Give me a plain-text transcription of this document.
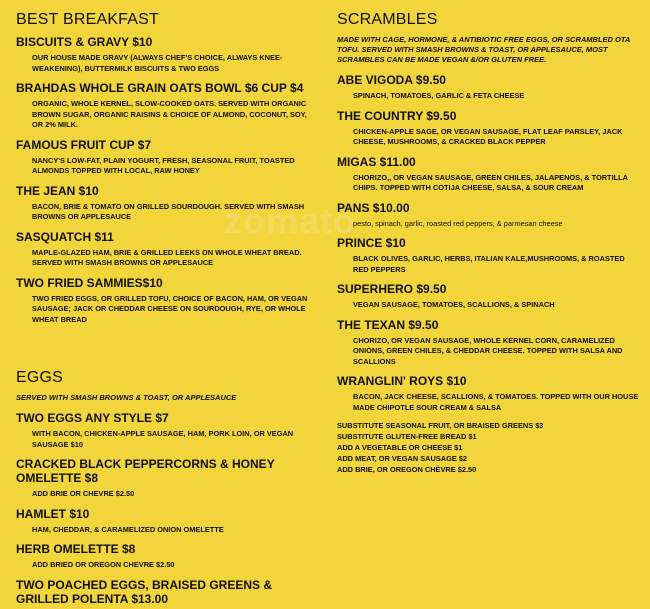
zomato
BEST BREAKFAST
BISCUITS & GRAVY $10
OUR HOUSE MADE GRAVY (ALWAYS CHEF'S CHOICE, ALWAYS KNEE-WEAKENING), BUTTERMILK BISCUITS & TWO EGGS
BRAHDAS WHOLE GRAIN OATS BOWL $6 CUP $4
ORGANIC, WHOLE KERNEL, SLOW-COOKED OATS. SERVED WITH ORGANIC BROWN SUGAR, ORGANIC RAISINS & CHOICE OF ALMOND, COCONUT, SOY, OR 2% MILK.
FAMOUS FRUIT CUP $7
NANCY'S LOW-FAT, PLAIN YOGURT, FRESH, SEASONAL FRUIT, TOASTED ALMONDS TOPPED WITH LOCAL, RAW HONEY
THE JEAN $10
BACON, BRIE & TOMATO ON GRILLED SOURDOUGH. SERVED WITH SMASH BROWNS OR APPLESAUCE
SASQUATCH $11
MAPLE-GLAZED HAM, BRIE & GRILLED LEEKS ON WHOLE WHEAT BREAD. SERVED WITH SMASH BROWNS OR APPLESAUCE
TWO FRIED SAMMIES$10
TWO FRIED EGGS, OR GRILLED TOFU, CHOICE OF BACON, HAM, OR VEGAN SAUSAGE; JACK OR CHEDDAR CHEESE ON SOURDOUGH, RYE, OR WHOLE WHEAT BREAD
EGGS
SERVED WITH SMASH BROWNS & TOAST, OR APPLESAUCE
TWO EGGS ANY STYLE $7
WITH BACON, CHICKEN-APPLE SAUSAGE, HAM, PORK LOIN, OR VEGAN SAUSAGE $10
CRACKED BLACK PEPPERCORNS & HONEY OMELETTE $8
ADD BRIE OR CHEVRE $2.50
HAMLET $10
HAM, CHEDDAR, & CARAMELIZED ONION OMELETTE
HERB OMELETTE $8
ADD BRIED OR OREGON CHEVRE $2.50
TWO POACHED EGGS, BRAISED GREENS & GRILLED POLENTA $13.00
SCRAMBLES
MADE WITH CAGE, HORMONE, & ANTIBIOTIC FREE EGGS, OR SCRAMBLED OTA TOFU. SERVED WITH SMASH BROWNS & TOAST, OR APPLESAUCE, MOST SCRAMBLES CAN BE MADE VEGAN &/OR GLUTEN FREE.
ABE VIGODA $9.50
SPINACH, TOMATOES, GARLIC & FETA CHEESE
THE COUNTRY $9.50
CHICKEN-APPLE SAGE, OR VEGAN SAUSAGE, FLAT LEAF PARSLEY, JACK CHEESE, MUSHROOMS, & CRACKED BLACK PEPPER
MIGAS $11.00
CHORIZO,, OR VEGAN SAUSAGE, GREEN CHILES, JALAPENOS, & TORTILLA CHIPS. TOPPED WITH COTIJA CHEESE, SALSA, & SOUR CREAM
PANS $10.00
pesto, spinach, garlic, roasted red peppers, & parmesan cheese
PRINCE $10
BLACK OLIVES, GARLIC, HERBS, ITALIAN KALE,MUSHROOMS, & ROASTED RED PEPPERS
SUPERHERO $9.50
VEGAN SAUSAGE, TOMATOES, SCALLIONS, & SPINACH
THE TEXAN $9.50
CHORIZO, OR VEGAN SAUSAGE, WHOLE KERNEL CORN, CARAMELIZED ONIONS, GREEN CHILES, & CHEDDAR CHEESE. TOPPED WITH SALSA AND SCALLIONS
WRANGLIN' ROYS $10
BACON, JACK CHEESE, SCALLIONS, & TOMATOES. TOPPED WITH OUR HOUSE MADE CHIPOTLE SOUR CREAM & SALSA
SUBSTITUTE SEASONAL FRUIT, OR BRAISED GREENS $3
SUBSTITUTE GLUTEN-FREE BREAD $1
ADD A VEGETABLE OR CHEESE $1
ADD MEAT, OR VEGAN SAUSAGE $2
ADD BRIE, OR OREGON CHÈVRE $2.50
